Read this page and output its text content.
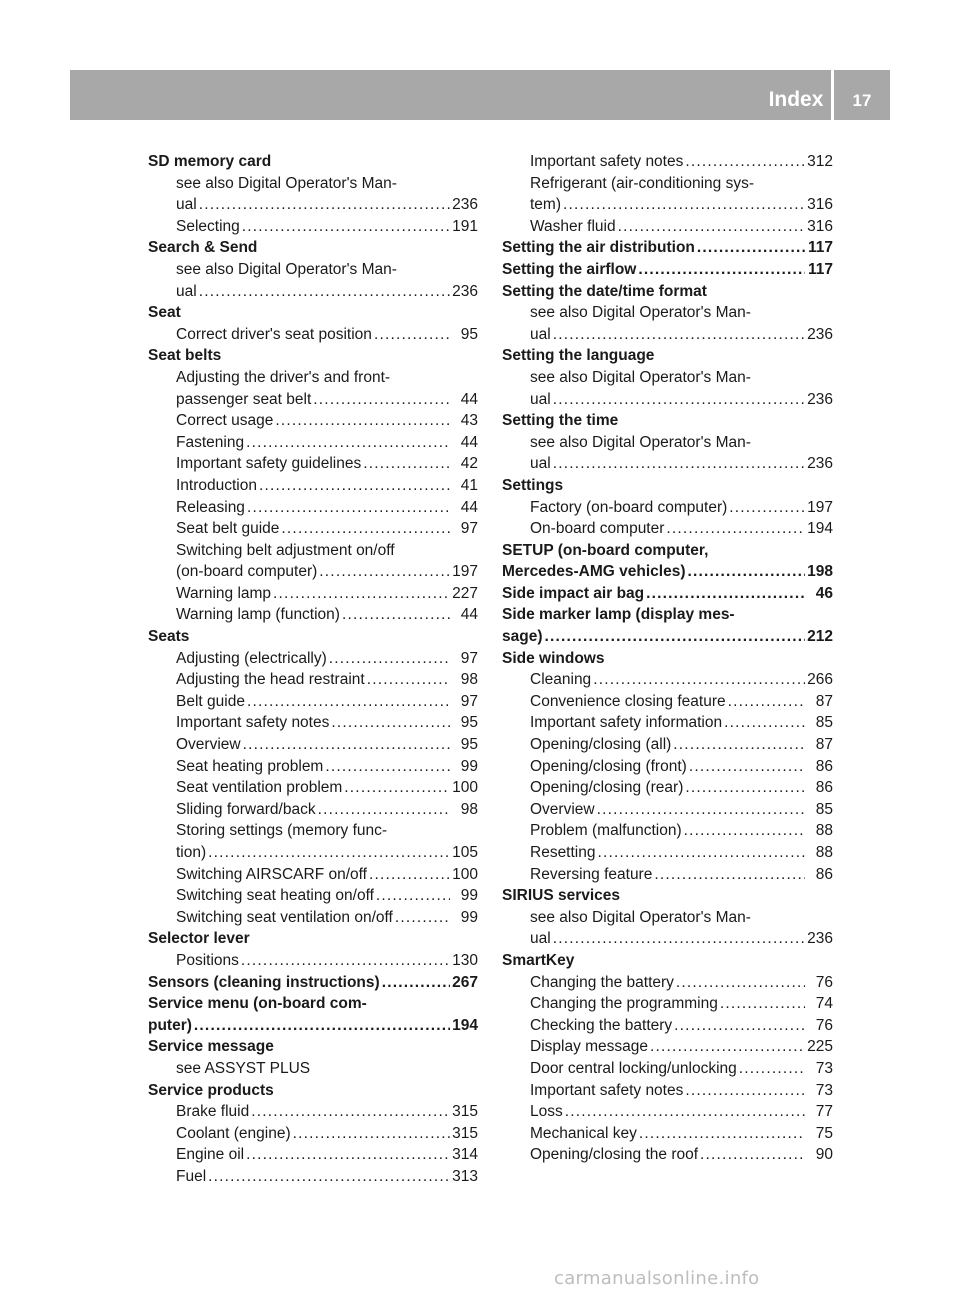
Index	17
SD memory card
see also Digital Operator's Man-
ual .....	236
Selecting .....	191
Search & Send
see also Digital Operator's Man-
ual .....	236
Seat
Correct driver's seat position .....	95
Seat belts
Adjusting the driver's and front-
passenger seat belt .....	44
Correct usage .....	43
Fastening .....	44
Important safety guidelines .....	42
Introduction .....	41
Releasing .....	44
Seat belt guide .....	97
Switching belt adjustment on/off
(on-board computer) .....	197
Warning lamp .....	227
Warning lamp (function) .....	44
Seats
Adjusting (electrically) .....	97
Adjusting the head restraint .....	98
Belt guide .....	97
Important safety notes .....	95
Overview .....	95
Seat heating problem .....	99
Seat ventilation problem .....	100
Sliding forward/back .....	98
Storing settings (memory func-
tion) .....	105
Switching AIRSCARF on/off .....	100
Switching seat heating on/off .....	99
Switching seat ventilation on/off .....	99
Selector lever
Positions .....	130
Sensors (cleaning instructions) .....	267
Service menu (on-board com-
puter) .....	194
Service message
see ASSYST PLUS
Service products
Brake fluid .....	315
Coolant (engine) .....	315
Engine oil .....	314
Fuel .....	313
Important safety notes .....	312
Refrigerant (air-conditioning sys-
tem) .....	316
Washer fluid .....	316
Setting the air distribution .....	117
Setting the airflow .....	117
Setting the date/time format
see also Digital Operator's Man-
ual .....	236
Setting the language
see also Digital Operator's Man-
ual .....	236
Setting the time
see also Digital Operator's Man-
ual .....	236
Settings
Factory (on-board computer) .....	197
On-board computer .....	194
SETUP (on-board computer,
Mercedes-AMG vehicles) .....	198
Side impact air bag .....	46
Side marker lamp (display mes-
sage) .....	212
Side windows
Cleaning .....	266
Convenience closing feature .....	87
Important safety information .....	85
Opening/closing (all) .....	87
Opening/closing (front) .....	86
Opening/closing (rear) .....	86
Overview .....	85
Problem (malfunction) .....	88
Resetting .....	88
Reversing feature .....	86
SIRIUS services
see also Digital Operator's Man-
ual .....	236
SmartKey
Changing the battery .....	76
Changing the programming .....	74
Checking the battery .....	76
Display message .....	225
Door central locking/unlocking .....	73
Important safety notes .....	73
Loss .....	77
Mechanical key .....	75
Opening/closing the roof .....	90
carmanualsonline.info
